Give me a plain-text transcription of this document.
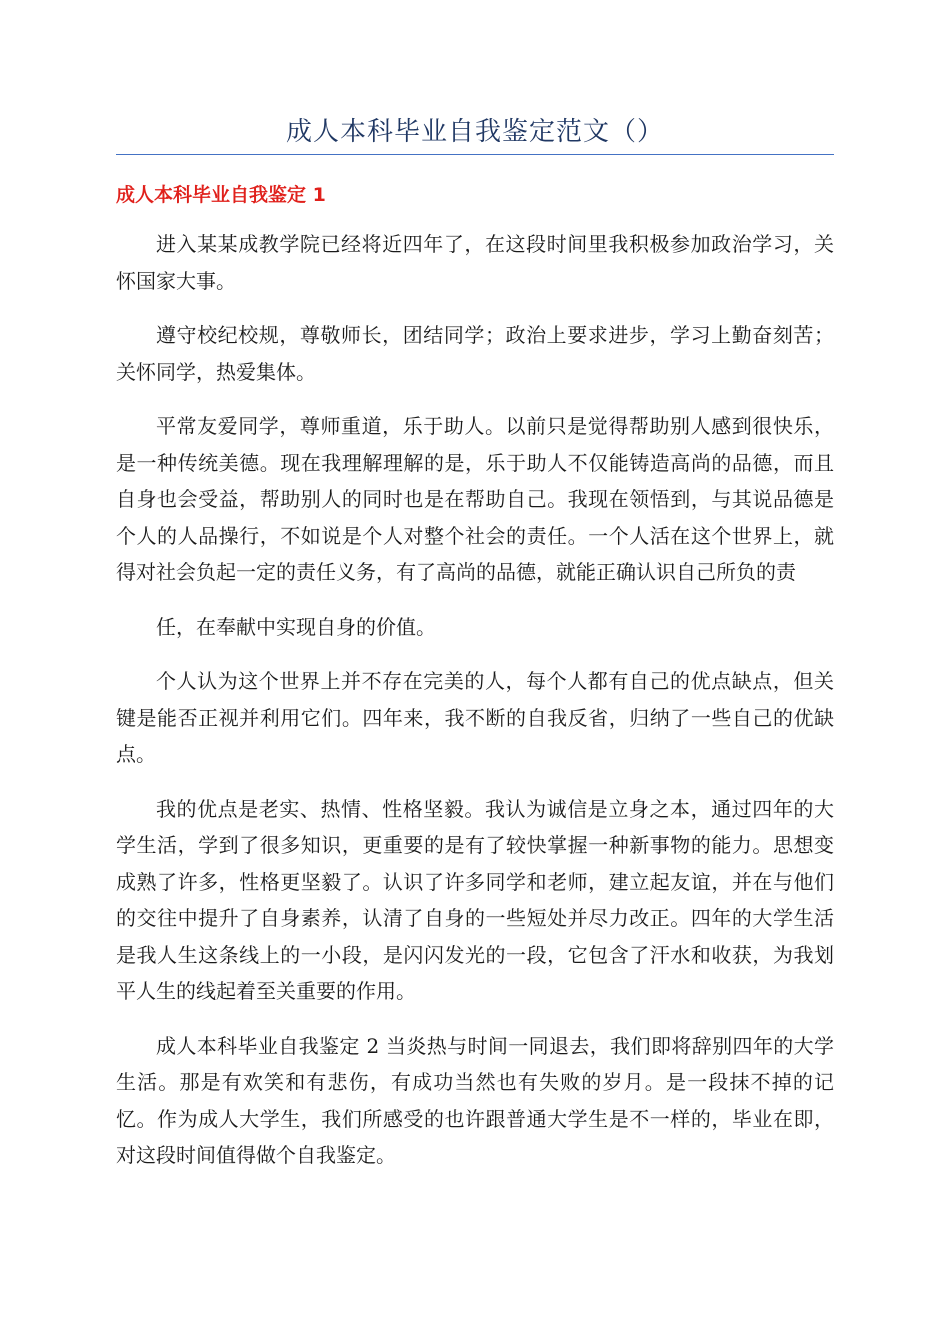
成人本科毕业自我鉴定范文（）
成人本科毕业自我鉴定 1

进入某某成教学院已经将近四年了，在这段时间里我积极参加政治学习，关怀国家大事。

遵守校纪校规，尊敬师长，团结同学；政治上要求进步，学习上勤奋刻苦；关怀同学，热爱集体。

平常友爱同学，尊师重道，乐于助人。以前只是觉得帮助别人感到很快乐，是一种传统美德。现在我理解理解的是，乐于助人不仅能铸造高尚的品德，而且自身也会受益，帮助别人的同时也是在帮助自己。我现在领悟到，与其说品德是个人的人品操行，不如说是个人对整个社会的责任。一个人活在这个世界上，就得对社会负起一定的责任义务，有了高尚的品德，就能正确认识自己所负的责

任，在奉献中实现自身的价值。

个人认为这个世界上并不存在完美的人，每个人都有自己的优点缺点，但关键是能否正视并利用它们。四年来，我不断的自我反省，归纳了一些自己的优缺点。

我的优点是老实、热情、性格坚毅。我认为诚信是立身之本，通过四年的大学生活，学到了很多知识，更重要的是有了较快掌握一种新事物的能力。思想变成熟了许多，性格更坚毅了。认识了许多同学和老师，建立起友谊，并在与他们的交往中提升了自身素养，认清了自身的一些短处并尽力改正。四年的大学生活是我人生这条线上的一小段，是闪闪发光的一段，它包含了汗水和收获，为我划平人生的线起着至关重要的作用。

成人本科毕业自我鉴定 2 当炎热与时间一同退去，我们即将辞别四年的大学生活。那是有欢笑和有悲伤，有成功当然也有失败的岁月。是一段抹不掉的记忆。作为成人大学生，我们所感受的也许跟普通大学生是不一样的，毕业在即，对这段时间值得做个自我鉴定。
